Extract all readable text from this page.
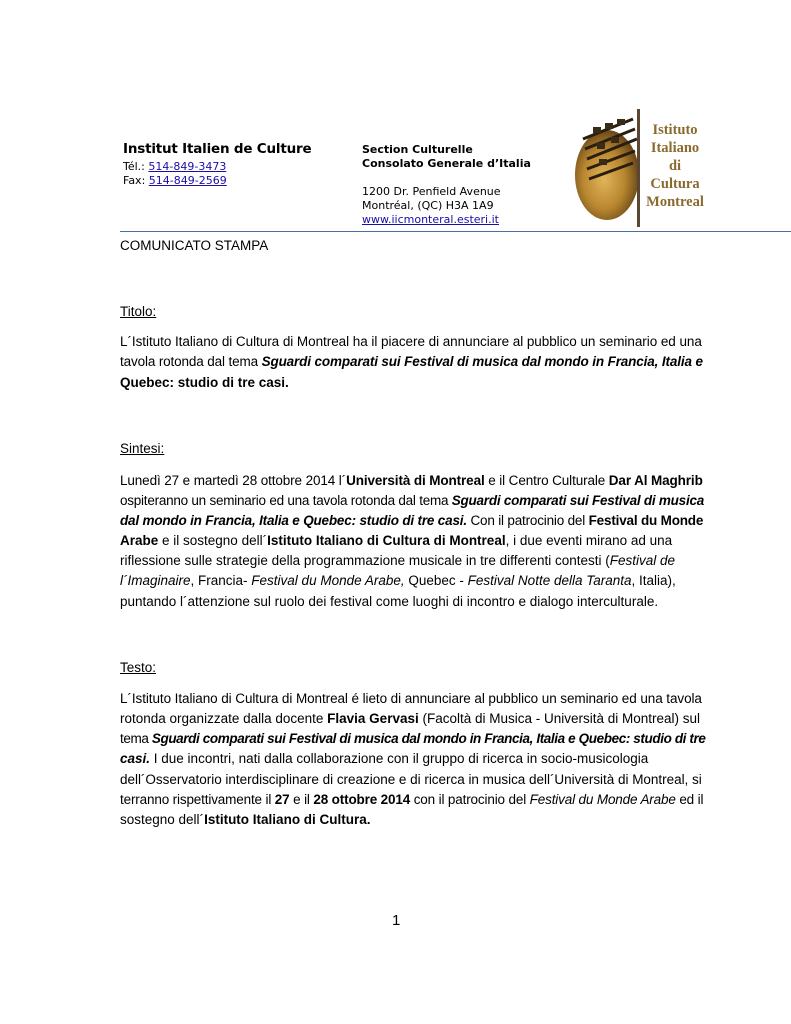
Institut Italien de Culture
Tél.: 514-849-3473
Fax: 514-849-2569
Section Culturelle
Consolato Generale d’Italia
1200 Dr. Penfield Avenue
Montréal, (QC) H3A 1A9
www.iicmonteral.esteri.it
Istituto
Italiano
di
Cultura
Montreal
COMUNICATO STAMPA
Titolo:
L´Istituto Italiano di Cultura di Montreal ha il piacere di annunciare al pubblico un seminario ed una
tavola rotonda dal tema Sguardi comparati sui Festival di musica dal mondo in Francia, Italia e
Quebec: studio di tre casi.
Sintesi:
Lunedì 27 e martedì 28 ottobre 2014 l´Università di Montreal e il Centro Culturale Dar Al Maghrib
ospiteranno un seminario ed una tavola rotonda dal tema Sguardi comparati sui Festival di musica
dal mondo in Francia, Italia e Quebec: studio di tre casi. Con il patrocinio del Festival du Monde
Arabe e il sostegno dell´Istituto Italiano di Cultura di Montreal, i due eventi mirano ad una
riflessione sulle strategie della programmazione musicale in tre differenti contesti (Festival de
l´Imaginaire, Francia- Festival du Monde Arabe, Quebec - Festival Notte della Taranta, Italia),
puntando l´attenzione sul ruolo dei festival come luoghi di incontro e dialogo interculturale.
Testo:
L´Istituto Italiano di Cultura di Montreal é lieto di annunciare al pubblico un seminario ed una tavola
rotonda organizzate dalla docente Flavia Gervasi (Facoltà di Musica - Università di Montreal) sul
tema Sguardi comparati sui Festival di musica dal mondo in Francia, Italia e Quebec: studio di tre
casi. I due incontri, nati dalla collaborazione con il gruppo di ricerca in socio-musicologia
dell´Osservatorio interdisciplinare di creazione e di ricerca in musica dell´Università di Montreal, si
terranno rispettivamente il 27 e il 28 ottobre 2014 con il patrocinio del Festival du Monde Arabe ed il
sostegno dell´Istituto Italiano di Cultura.
1
